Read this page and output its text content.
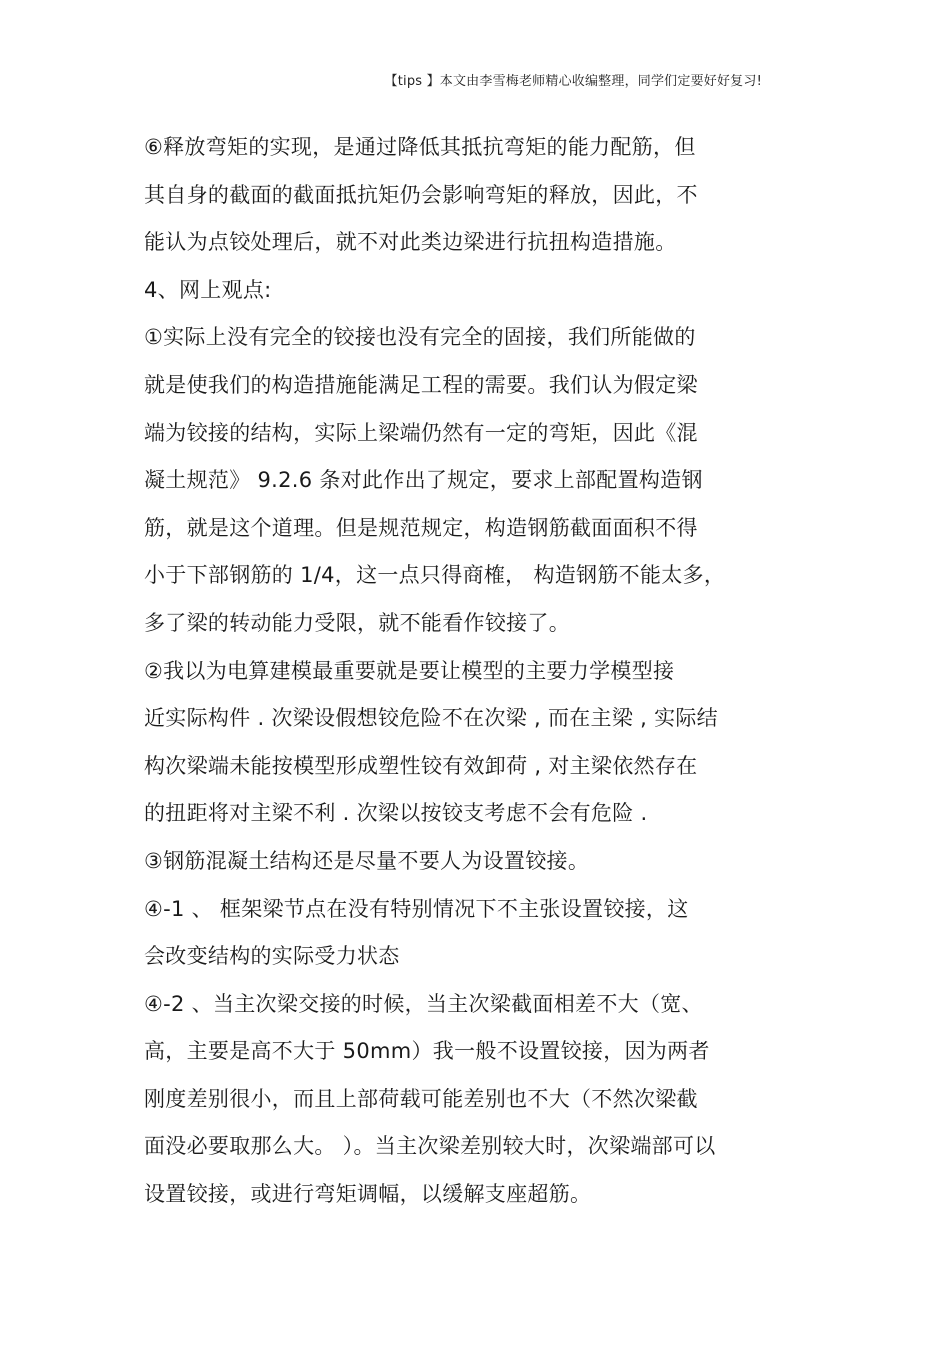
【tips 】本文由李雪梅老师精心收编整理，同学们定要好好复习!
⑥释放弯矩的实现，是通过降低其抵抗弯矩的能力配筋，但
其自身的截面的截面抵抗矩仍会影响弯矩的释放，因此，不
能认为点铰处理后，就不对此类边梁进行抗扭构造措施。
4、网上观点:
①实际上没有完全的铰接也没有完全的固接，我们所能做的
就是使我们的构造措施能满足工程的需要。我们认为假定梁
端为铰接的结构，实际上梁端仍然有一定的弯矩，因此《混
凝土规范》 9.2.6 条对此作出了规定，要求上部配置构造钢
筋，就是这个道理。但是规范规定，构造钢筋截面面积不得
小于下部钢筋的 1/4，这一点只得商榷， 构造钢筋不能太多，
多了梁的转动能力受限，就不能看作铰接了。
②我以为电算建模最重要就是要让模型的主要力学模型接
近实际构件 . 次梁设假想铰危险不在次梁 , 而在主梁 , 实际结
构次梁端未能按模型形成塑性铰有效卸荷 , 对主梁依然存在
的扭距将对主梁不利 . 次梁以按铰支考虑不会有危险 .
③钢筋混凝土结构还是尽量不要人为设置铰接。
④-1 、 框架梁节点在没有特别情况下不主张设置铰接，这
会改变结构的实际受力状态
④-2 、当主次梁交接的时候，当主次梁截面相差不大（宽、
高，主要是高不大于 50mm）我一般不设置铰接，因为两者
刚度差别很小，而且上部荷载可能差别也不大（不然次梁截
面没必要取那么大。 ）。当主次梁差别较大时，次梁端部可以
设置铰接，或进行弯矩调幅，以缓解支座超筋。
